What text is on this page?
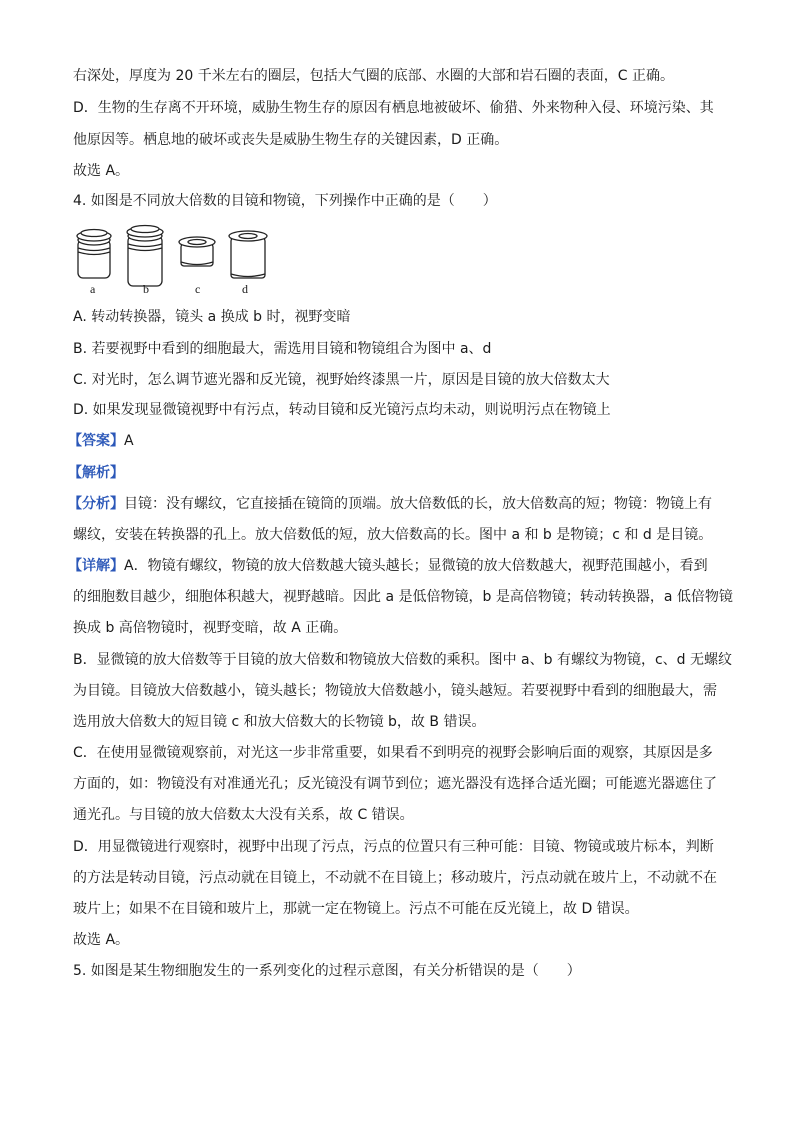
右深处，厚度为 20 千米左右的圈层，包括大气圈的底部、水圈的大部和岩石圈的表面，C 正确。
D．生物的生存离不开环境，威胁生物生存的原因有栖息地被破坏、偷猎、外来物种入侵、环境污染、其
他原因等。栖息地的破坏或丧失是威胁生物生存的关键因素，D 正确。
故选 A。
4. 如图是不同放大倍数的目镜和物镜，下列操作中正确的是（　　）
a	b	c	d
A. 转动转换器，镜头 a 换成 b 时，视野变暗
B. 若要视野中看到的细胞最大，需选用目镜和物镜组合为图中 a、d
C. 对光时，怎么调节遮光器和反光镜，视野始终漆黑一片，原因是目镜的放大倍数太大
D. 如果发现显微镜视野中有污点，转动目镜和反光镜污点均未动，则说明污点在物镜上
【答案】A
【解析】
【分析】目镜：没有螺纹，它直接插在镜筒的顶端。放大倍数低的长，放大倍数高的短；物镜：物镜上有
螺纹，安装在转换器的孔上。放大倍数低的短，放大倍数高的长。图中 a 和 b 是物镜；c 和 d 是目镜。
【详解】A．物镜有螺纹，物镜的放大倍数越大镜头越长；显微镜的放大倍数越大，视野范围越小，看到
的细胞数目越少，细胞体积越大，视野越暗。因此 a 是低倍物镜，b 是高倍物镜；转动转换器，a 低倍物镜
换成 b 高倍物镜时，视野变暗，故 A 正确。
B．显微镜的放大倍数等于目镜的放大倍数和物镜放大倍数的乘积。图中 a、b 有螺纹为物镜，c、d 无螺纹
为目镜。目镜放大倍数越小，镜头越长；物镜放大倍数越小，镜头越短。若要视野中看到的细胞最大，需
选用放大倍数大的短目镜 c 和放大倍数大的长物镜 b，故 B 错误。
C．在使用显微镜观察前，对光这一步非常重要，如果看不到明亮的视野会影响后面的观察，其原因是多
方面的，如：物镜没有对准通光孔；反光镜没有调节到位；遮光器没有选择合适光圈；可能遮光器遮住了
通光孔。与目镜的放大倍数太大没有关系，故 C 错误。
D．用显微镜进行观察时，视野中出现了污点，污点的位置只有三种可能：目镜、物镜或玻片标本，判断
的方法是转动目镜，污点动就在目镜上，不动就不在目镜上；移动玻片，污点动就在玻片上，不动就不在
玻片上；如果不在目镜和玻片上，那就一定在物镜上。污点不可能在反光镜上，故 D 错误。
故选 A。
5. 如图是某生物细胞发生的一系列变化的过程示意图，有关分析错误的是（　　）
